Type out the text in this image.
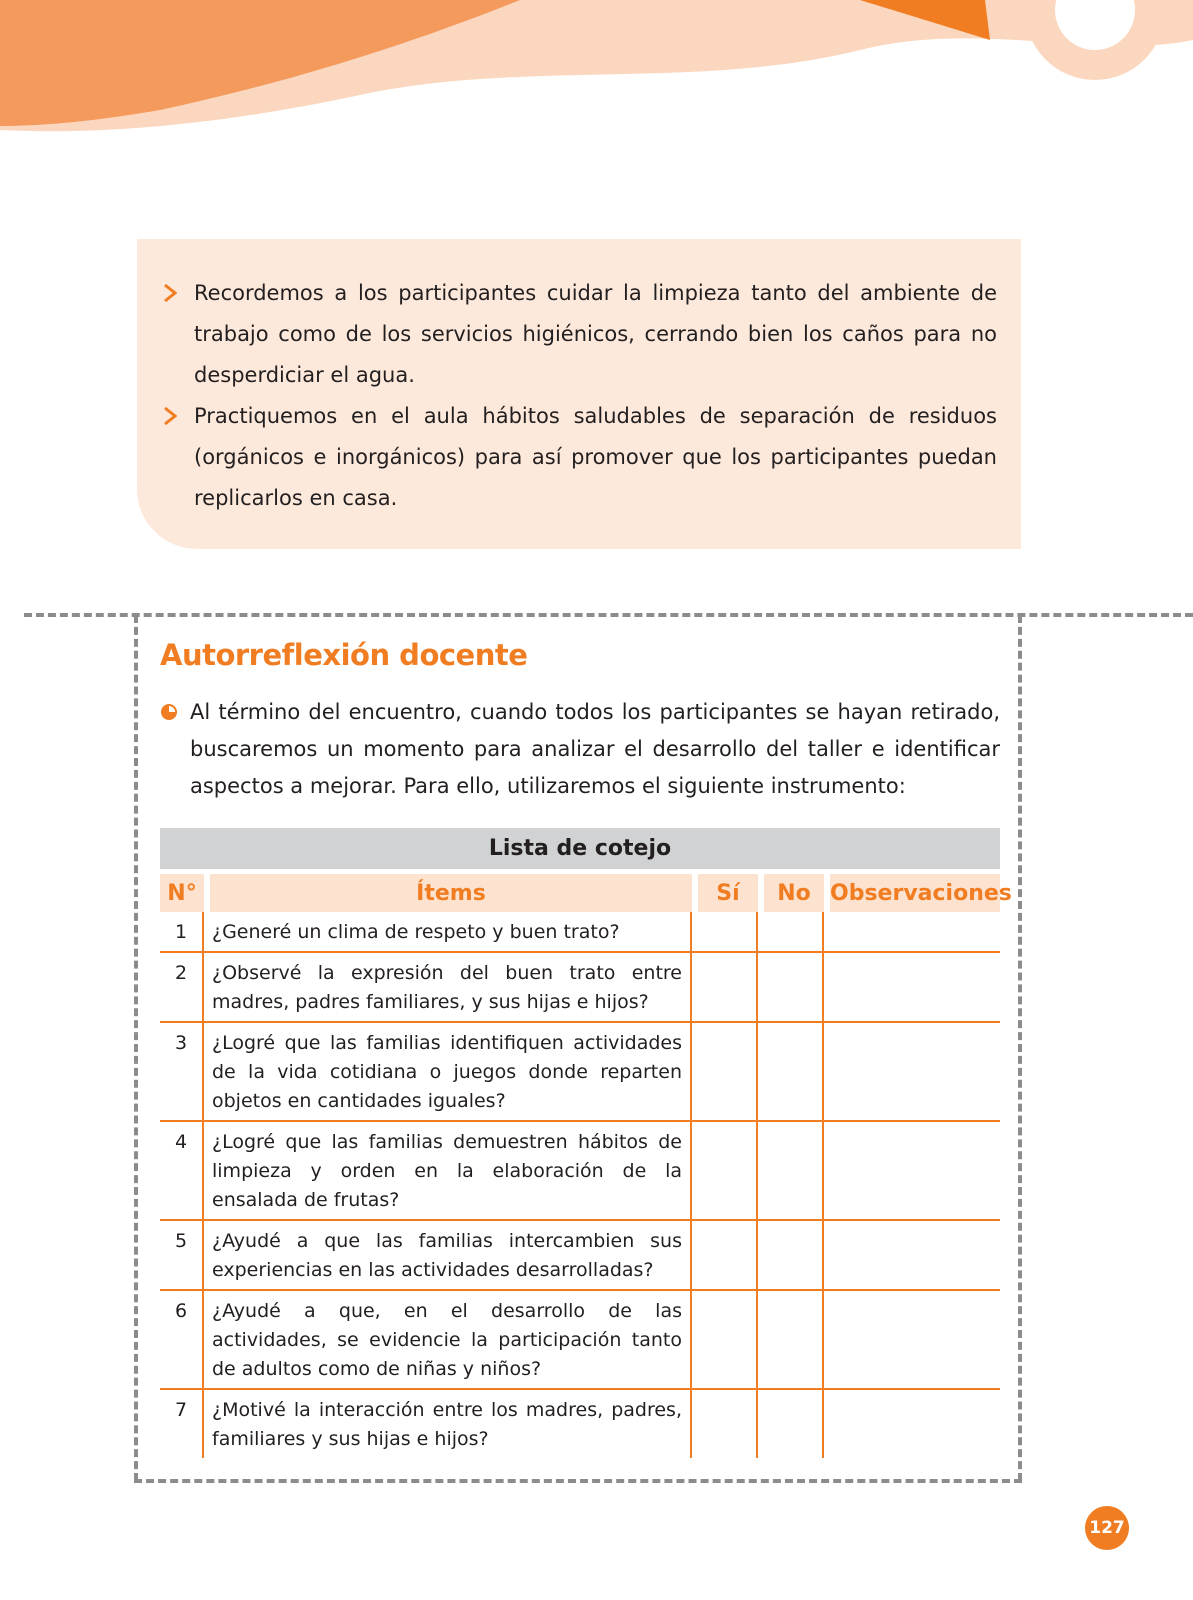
Recordemos a los participantes cuidar la limpieza tanto del ambiente de trabajo como de los servicios higiénicos, cerrando bien los caños para no desperdiciar el agua.
Practiquemos en el aula hábitos saludables de separación de residuos (orgánicos e inorgánicos) para así promover que los participantes puedan replicarlos en casa.
Autorreflexión docente
Al término del encuentro, cuando todos los participantes se hayan retirado, buscaremos un momento para analizar el desarrollo del taller e identificar aspectos a mejorar. Para ello, utilizaremos el siguiente instrumento:
Lista de cotejo				
N°	Ítems	Sí	No	Observaciones
1	¿Generé un clima de respeto y buen trato?			
2	¿Observé la expresión del buen trato entre madres, padres familiares, y sus hijas e hijos?			
3	¿Logré que las familias identifiquen actividades de la vida cotidiana o juegos donde reparten objetos en cantidades iguales?			
4	¿Logré que las familias demuestren hábitos de limpieza y orden en la elaboración de la ensalada de frutas?			
5	¿Ayudé a que las familias intercambien sus experiencias en las actividades desarrolladas?			
6	¿Ayudé a que, en el desarrollo de las actividades, se evidencie la participación tanto de adultos como de niñas y niños?			
7	¿Motivé la interacción entre los madres, padres, familiares y sus hijas e hijos?			
127
